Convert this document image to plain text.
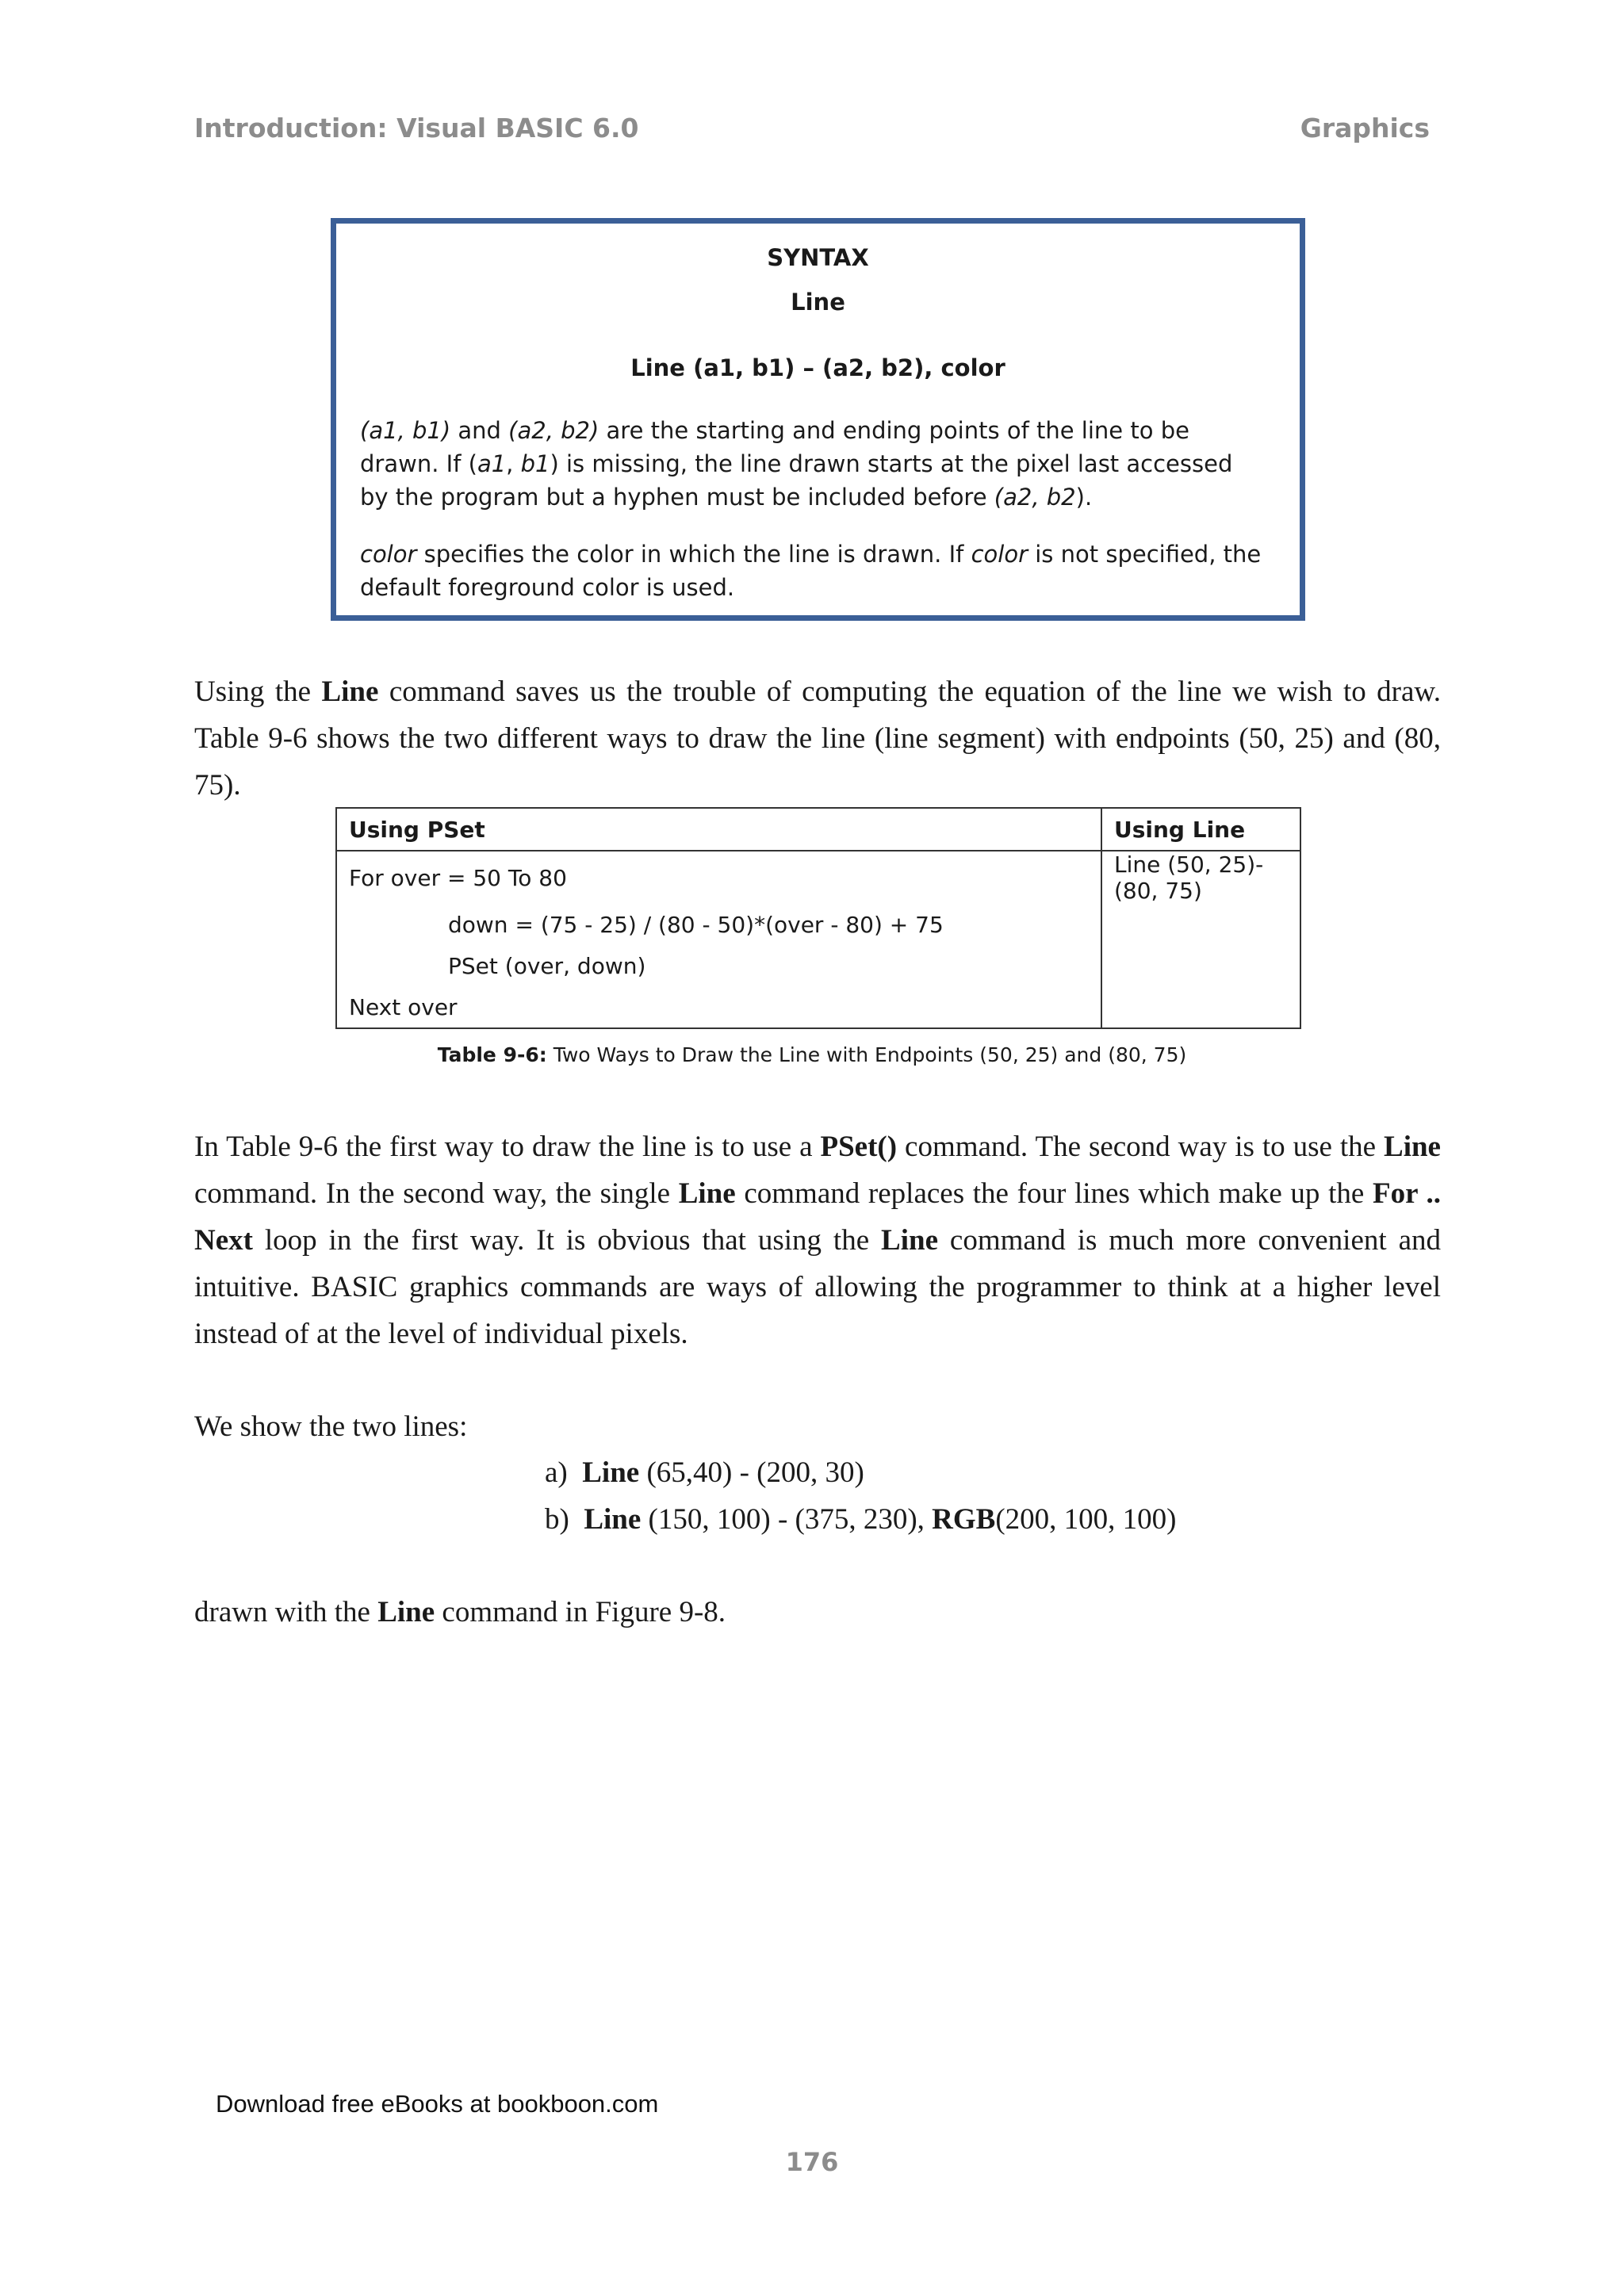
Introduction: Visual BASIC 6.0	Graphics
SYNTAX
Line
Line (a1, b1) – (a2, b2), color
(a1, b1) and (a2, b2) are the starting and ending points of the line to be drawn. If (a1, b1) is missing, the line drawn starts at the pixel last accessed by the program but a hyphen must be included before (a2, b2).
color specifies the color in which the line is drawn. If color is not specified, the default foreground color is used.
Using the Line command saves us the trouble of computing the equation of the line we wish to draw. Table 9-6 shows the two different ways to draw the line (line segment) with endpoints (50, 25) and (80, 75).
Using PSet	Using Line
For over = 50 To 80	Line (50, 25)-(80, 75)
down = (75 - 25) / (80 - 50)*(over - 80) + 75	
PSet (over, down)	
Next over	
Table 9-6: Two Ways to Draw the Line with Endpoints (50, 25) and (80, 75)
In Table 9-6 the first way to draw the line is to use a PSet() command. The second way is to use the Line command. In the second way, the single Line command replaces the four lines which make up the For .. Next loop in the first way. It is obvious that using the Line command is much more convenient and intuitive. BASIC graphics commands are ways of allowing the programmer to think at a higher level instead of at the level of individual pixels.
We show the two lines:
a) Line (65,40) - (200, 30)
b) Line (150, 100) - (375, 230), RGB(200, 100, 100)
drawn with the Line command in Figure 9-8.
Download free eBooks at bookboon.com
176
